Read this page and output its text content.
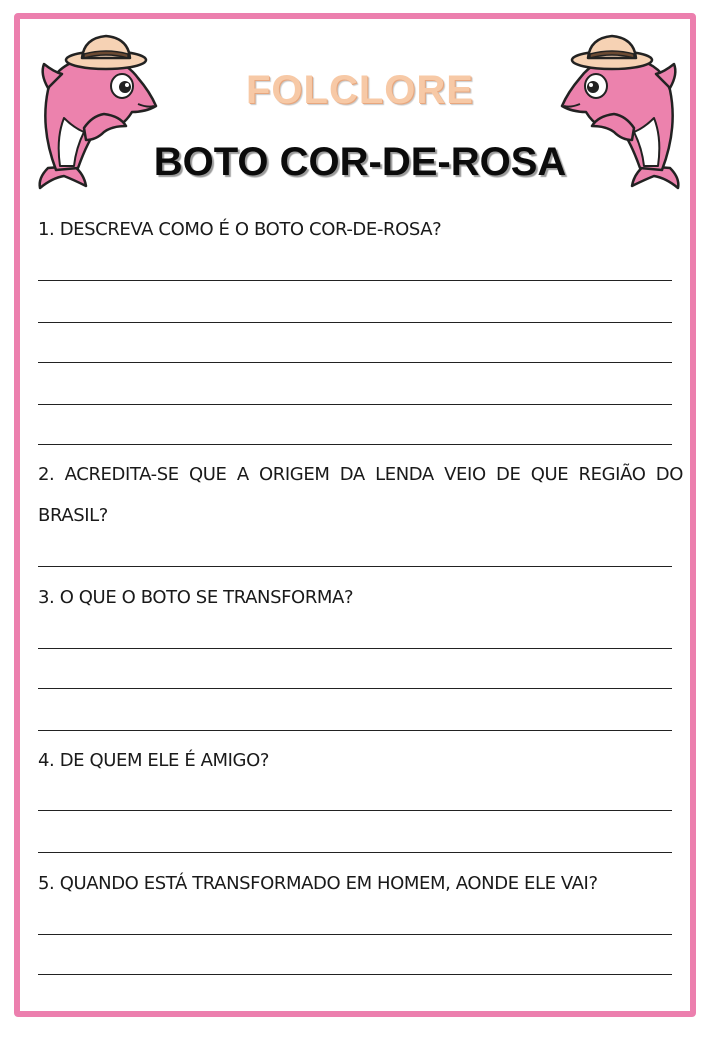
FOLCLORE
BOTO COR-DE-ROSA
1. DESCREVA COMO É O BOTO COR-DE-ROSA?
2. ACREDITA-SE QUE A ORIGEM DA LENDA VEIO DE QUE REGIÃO DO
BRASIL?
3. O QUE O BOTO SE TRANSFORMA?
4. DE QUEM ELE É AMIGO?
5. QUANDO ESTÁ TRANSFORMADO EM HOMEM, AONDE ELE VAI?
